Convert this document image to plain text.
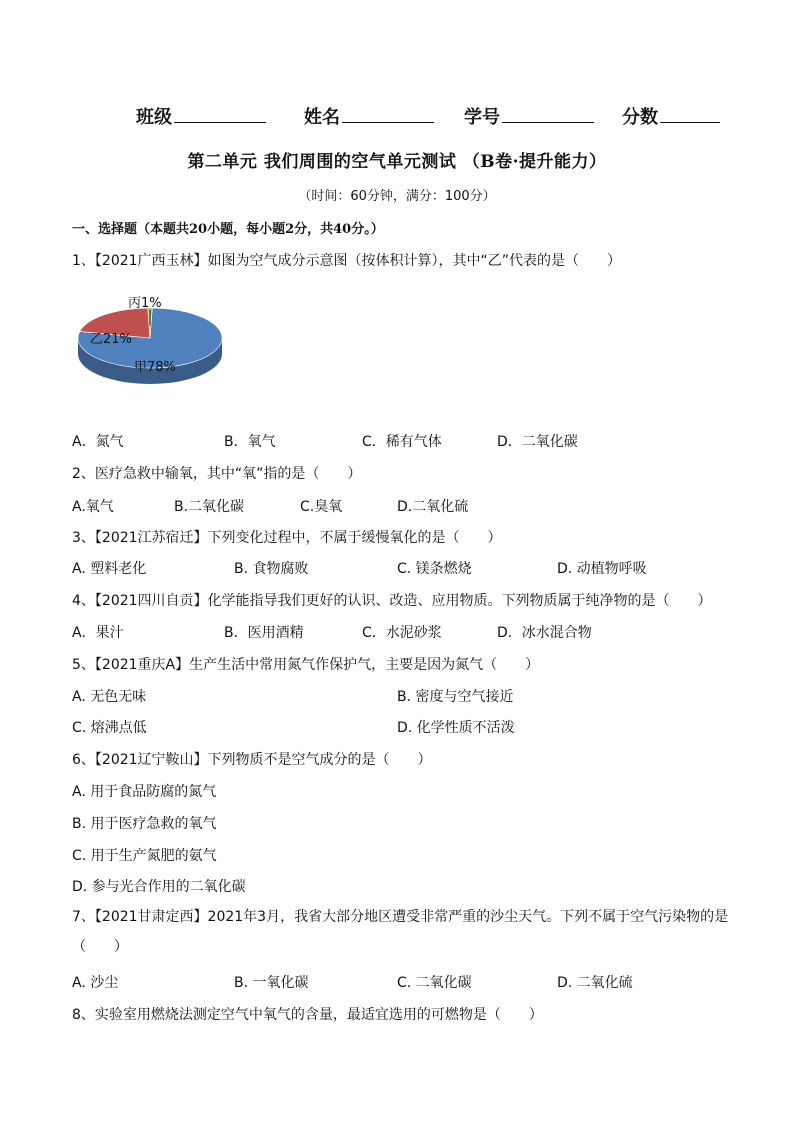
班级	姓名	学号	分数
第二单元 我们周围的空气单元测试 （B卷·提升能力）
（时间：60分钟，满分：100分）
一、选择题（本题共20小题，每小题2分，共40分。）
1、【2021广西玉林】如图为空气成分示意图（按体积计算），其中“乙”代表的是（　　）
丙1%
乙21%
甲78%
A．氮气	B．氧气	C．稀有气体	D．二氧化碳
2、医疗急救中输氧，其中“氧”指的是（　　）
A.氧气	B.二氧化碳	C.臭氧	D.二氧化硫
3、【2021江苏宿迁】下列变化过程中，不属于缓慢氧化的是（　　）
A. 塑料老化	B. 食物腐败	C. 镁条燃烧	D. 动植物呼吸
4、【2021四川自贡】化学能指导我们更好的认识、改造、应用物质。下列物质属于纯净物的是（　　）
A．果汁	B．医用酒精	C．水泥砂浆	D．冰水混合物
5、【2021重庆A】生产生活中常用氮气作保护气，主要是因为氮气（　　）
A. 无色无味	B. 密度与空气接近
C. 熔沸点低	D. 化学性质不活泼
6、【2021辽宁鞍山】下列物质不是空气成分的是（　　）
A. 用于食品防腐的氮气
B. 用于医疗急救的氧气
C. 用于生产氮肥的氨气
D. 参与光合作用的二氧化碳
7、【2021甘肃定西】2021年3月，我省大部分地区遭受非常严重的沙尘天气。下列不属于空气污染物的是（　　）
A. 沙尘	B. 一氧化碳	C. 二氧化碳	D. 二氧化硫
8、实验室用燃烧法测定空气中氧气的含量，最适宜选用的可燃物是（　　）
